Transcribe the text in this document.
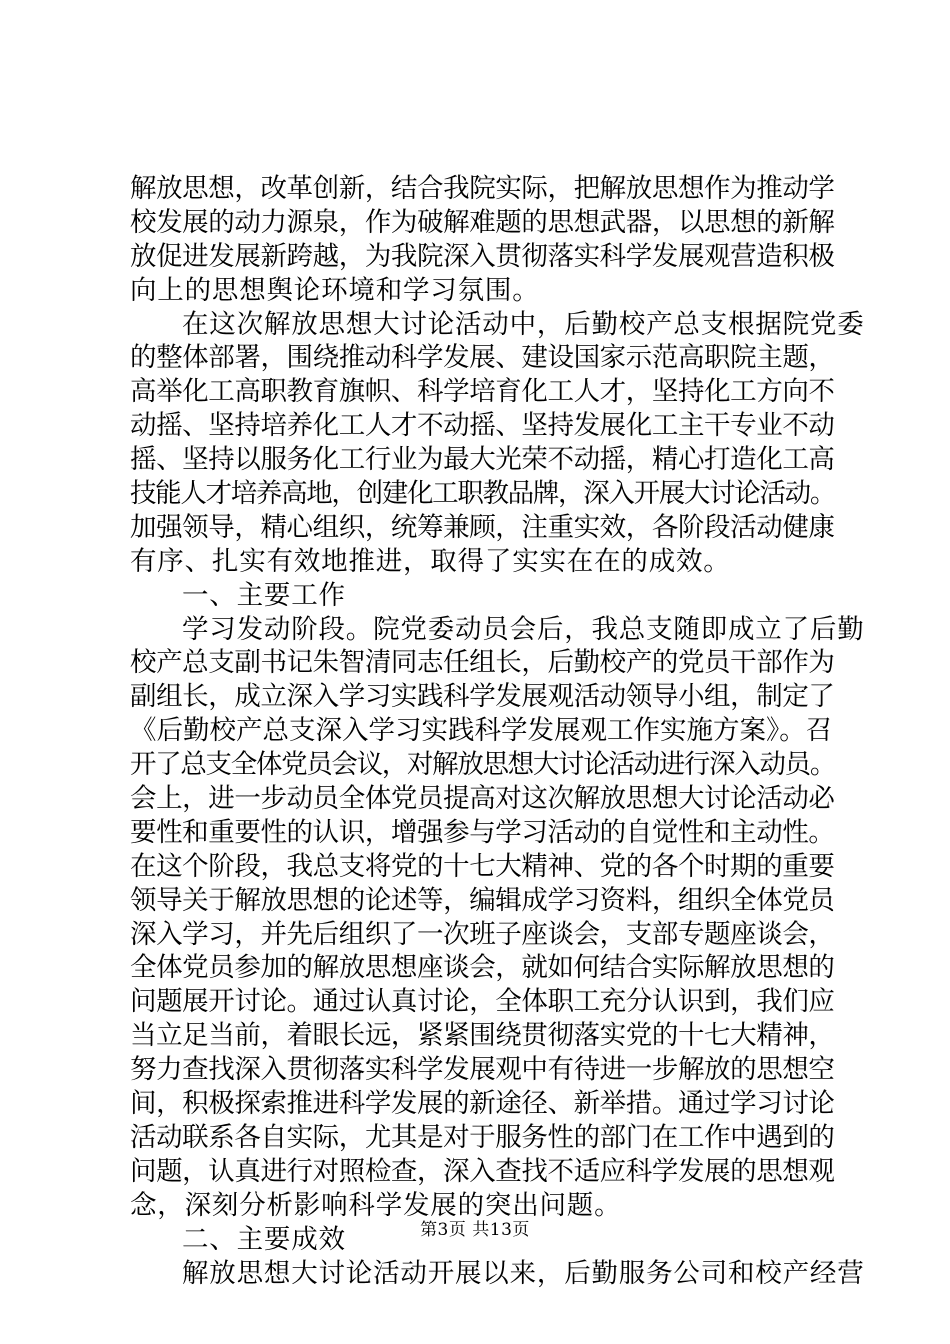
解放思想，改革创新，结合我院实际，把解放思想作为推动学
校发展的动力源泉，作为破解难题的思想武器，以思想的新解
放促进发展新跨越，为我院深入贯彻落实科学发展观营造积极
向上的思想舆论环境和学习氛围。
在这次解放思想大讨论活动中，后勤校产总支根据院党委
的整体部署，围绕推动科学发展、建设国家示范高职院主题，
高举化工高职教育旗帜、科学培育化工人才，坚持化工方向不
动摇、坚持培养化工人才不动摇、坚持发展化工主干专业不动
摇、坚持以服务化工行业为最大光荣不动摇，精心打造化工高
技能人才培养高地，创建化工职教品牌，深入开展大讨论活动。
加强领导，精心组织，统筹兼顾，注重实效，各阶段活动健康
有序、扎实有效地推进，取得了实实在在的成效。
一、主要工作
学习发动阶段。院党委动员会后，我总支随即成立了后勤
校产总支副书记朱智清同志任组长，后勤校产的党员干部作为
副组长，成立深入学习实践科学发展观活动领导小组，制定了
《后勤校产总支深入学习实践科学发展观工作实施方案》。召
开了总支全体党员会议，对解放思想大讨论活动进行深入动员。
会上，进一步动员全体党员提高对这次解放思想大讨论活动必
要性和重要性的认识，增强参与学习活动的自觉性和主动性。
在这个阶段，我总支将党的十七大精神、党的各个时期的重要
领导关于解放思想的论述等，编辑成学习资料，组织全体党员
深入学习，并先后组织了一次班子座谈会，支部专题座谈会，
全体党员参加的解放思想座谈会，就如何结合实际解放思想的
问题展开讨论。通过认真讨论，全体职工充分认识到，我们应
当立足当前，着眼长远，紧紧围绕贯彻落实党的十七大精神，
努力查找深入贯彻落实科学发展观中有待进一步解放的思想空
间，积极探索推进科学发展的新途径、新举措。通过学习讨论
活动联系各自实际，尤其是对于服务性的部门在工作中遇到的
问题，认真进行对照检查，深入查找不适应科学发展的思想观
念，深刻分析影响科学发展的突出问题。
二、主要成效
解放思想大讨论活动开展以来，后勤服务公司和校产经营
第3页 共13页
